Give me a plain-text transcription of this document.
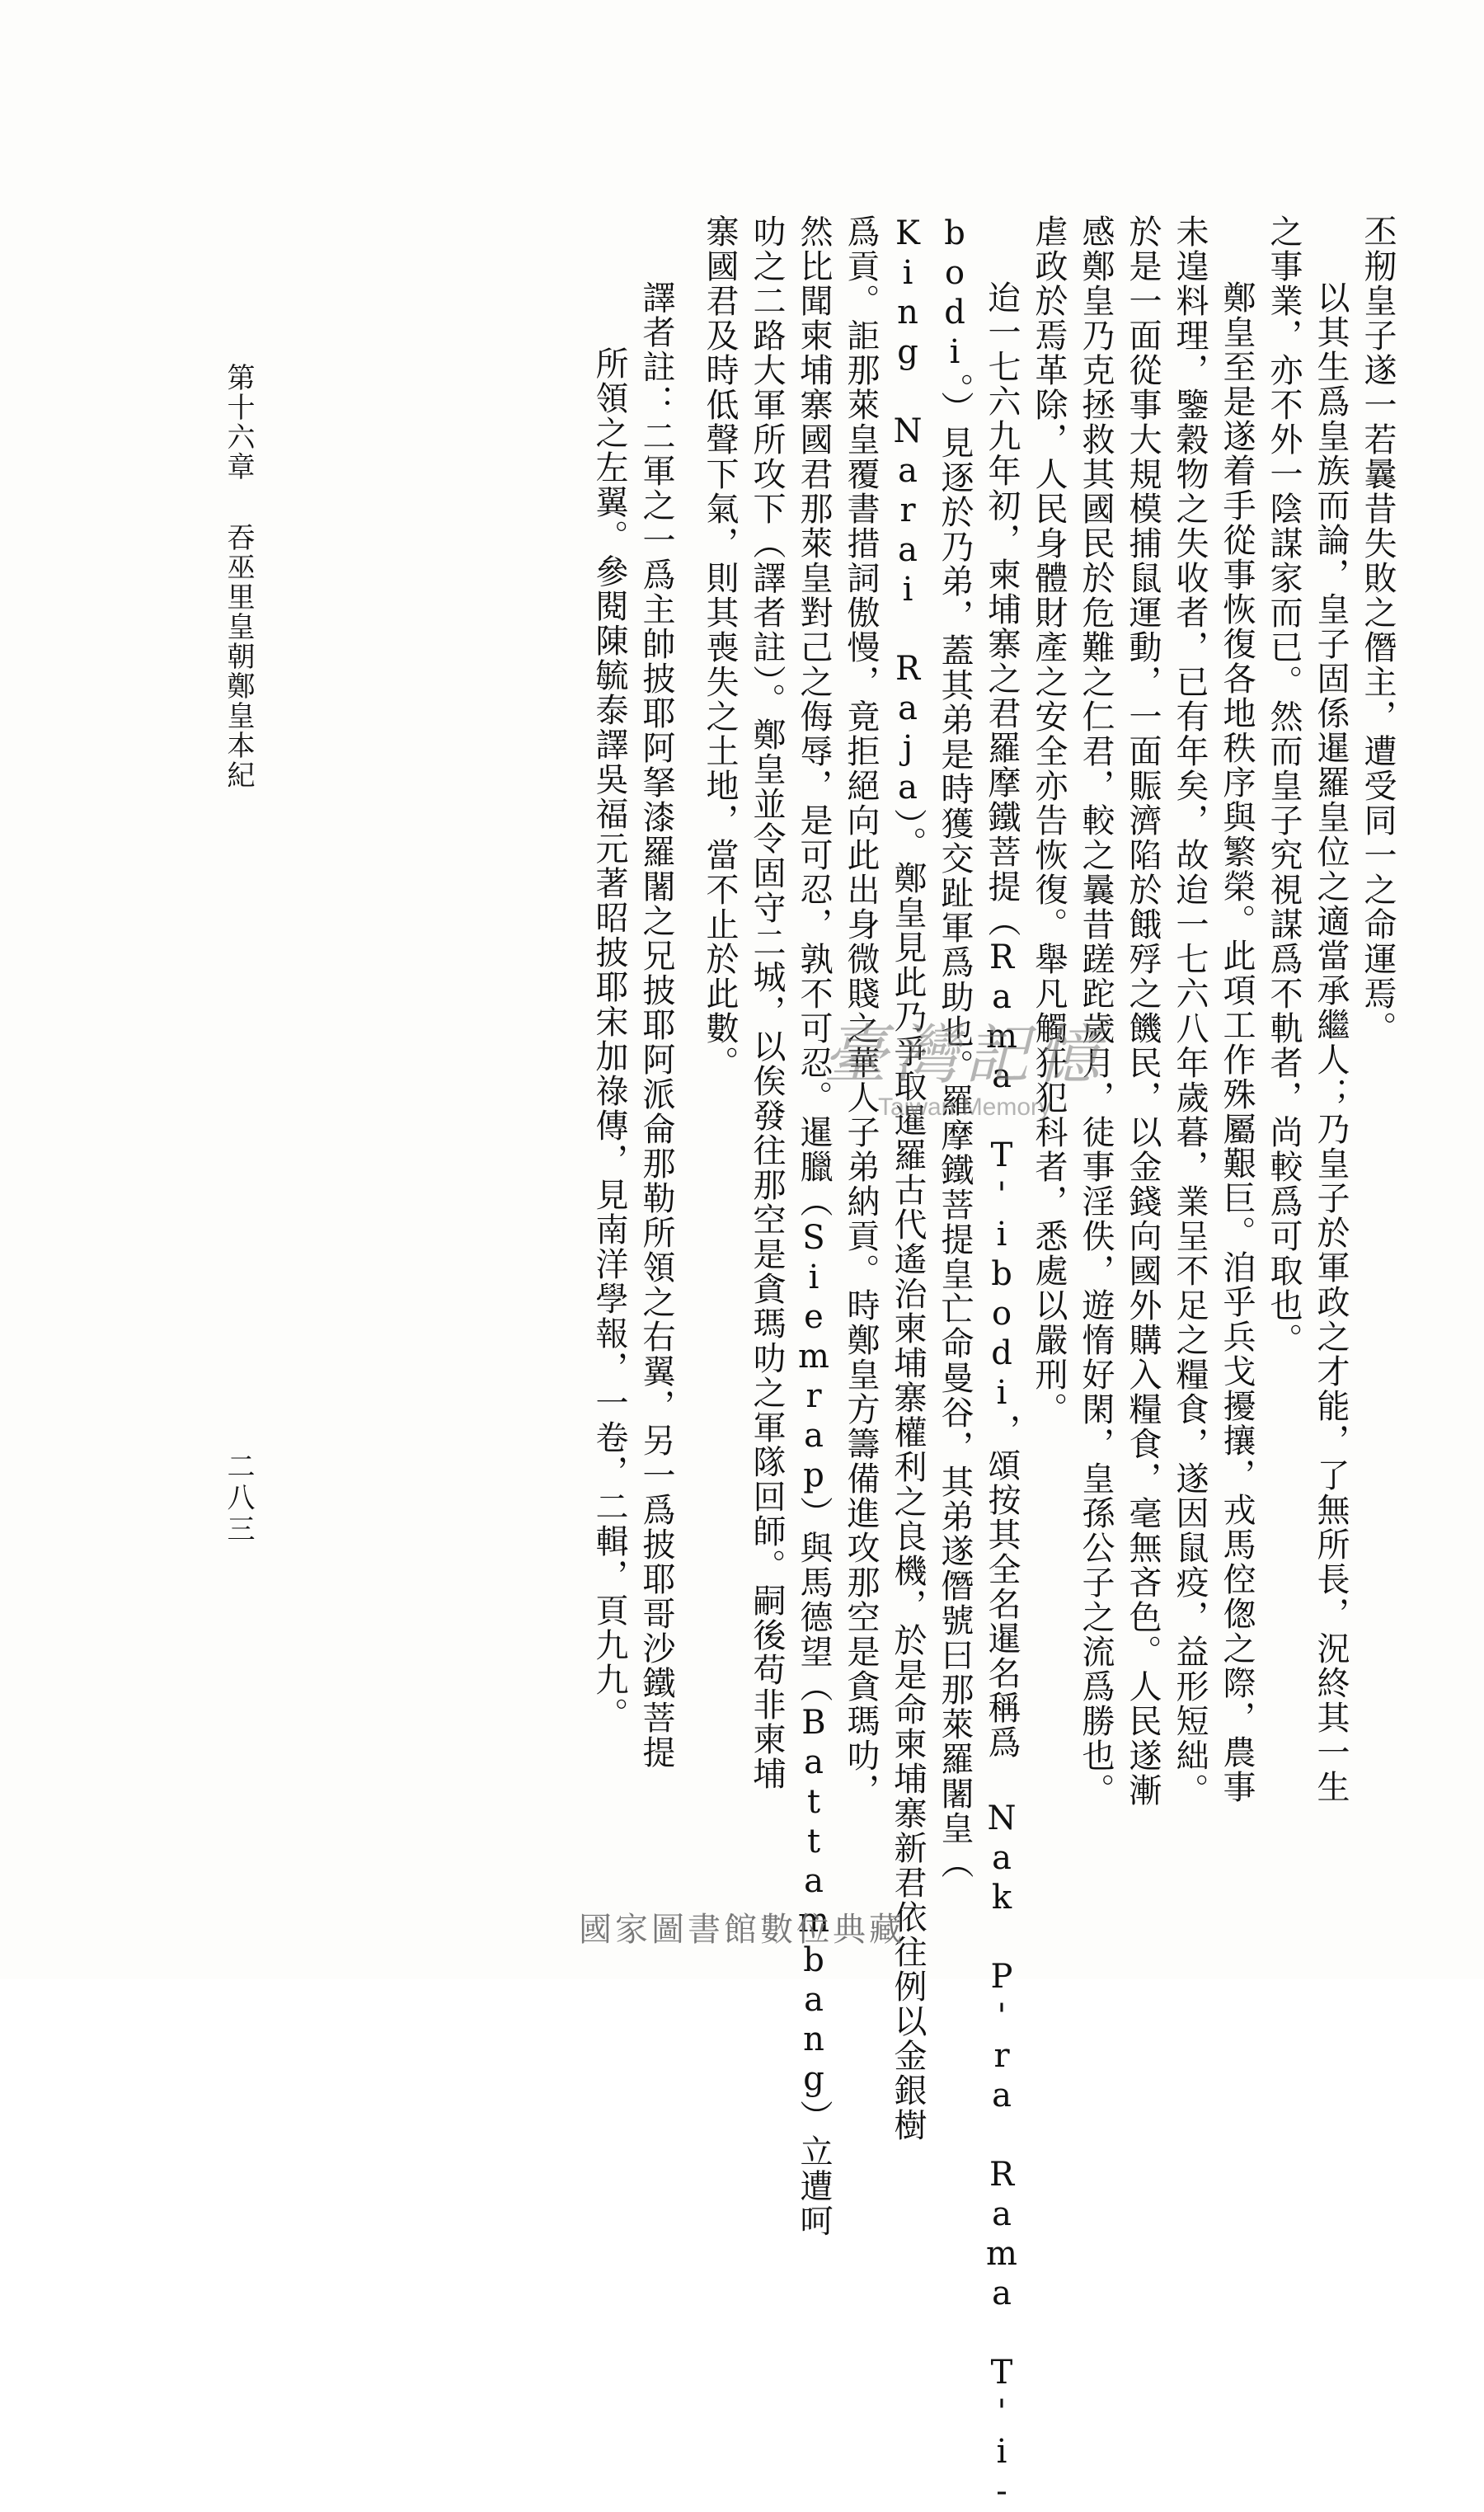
丕剏皇子遂一若曩昔失敗之僭主，遭受同一之命運焉。
以其生爲皇族而論，皇子固係暹羅皇位之適當承繼人；乃皇子於軍政之才能，了無所長，況終其一生
之事業，亦不外一陰謀家而已。然而皇子究視謀爲不軌者，尚較爲可取也。
鄭皇至是遂着手從事恢復各地秩序與繁榮。此項工作殊屬艱巨。洎乎兵戈擾攘，戎馬倥偬之際，農事
未遑料理，鑒穀物之失收者，已有年矣，故迨一七六八年歲暮，業呈不足之糧食，遂因鼠疫，益形短絀。
於是一面從事大規模捕鼠運動，一面賑濟陷於餓殍之饑民，以金錢向國外購入糧食，毫無吝色。人民遂漸
感鄭皇乃克拯救其國民於危難之仁君，較之曩昔蹉跎歲月，徒事淫佚，遊惰好閑，皇孫公子之流爲勝也。
虐政於焉革除，人民身體財產之安全亦告恢復。舉凡觸犴犯科者，悉處以嚴刑。
迨一七六九年初，柬埔寨之君羅摩鐵菩提（Rama T'ibodi，頌按其全名暹名稱爲 Nak P'ra Rama T'i-
bodi。）見逐於乃弟，蓋其弟是時獲交趾軍爲助也。羅摩鐵菩提皇亡命曼谷，其弟遂僭號曰那萊羅闍皇（
King Narai Raja）。鄭皇見此乃爭取暹羅古代遙治柬埔寨權利之良機，於是命柬埔寨新君依往例以金銀樹
爲貢。詎那萊皇覆書措詞傲慢，竟拒絕向此出身微賤之華人子弟納貢。時鄭皇方籌備進攻那空是貪瑪叻，
然比聞柬埔寨國君那萊皇對己之侮辱，是可忍，孰不可忍。暹臘（Siemrap）與馬德望（Battambang）立遭呵
叻之二路大軍所攻下（譯者註）。鄭皇並令固守二城，以俟發往那空是貪瑪叻之軍隊回師。嗣後苟非柬埔
寨國君及時低聲下氣，則其喪失之土地，當不止於此數。
譯者註：二軍之一爲主帥披耶阿拏漆羅闍之兄披耶阿派侖那勒所領之右翼，另一爲披耶哥沙鐵菩提
所領之左翼。參閱陳毓泰譯吳福元著昭披耶宋加祿傳，見南洋學報，一卷，二輯，頁九九。
第十六章吞巫里皇朝鄭皇本紀
二八三
臺灣記憶
Taiwan Memory
國家圖書館數位典藏
